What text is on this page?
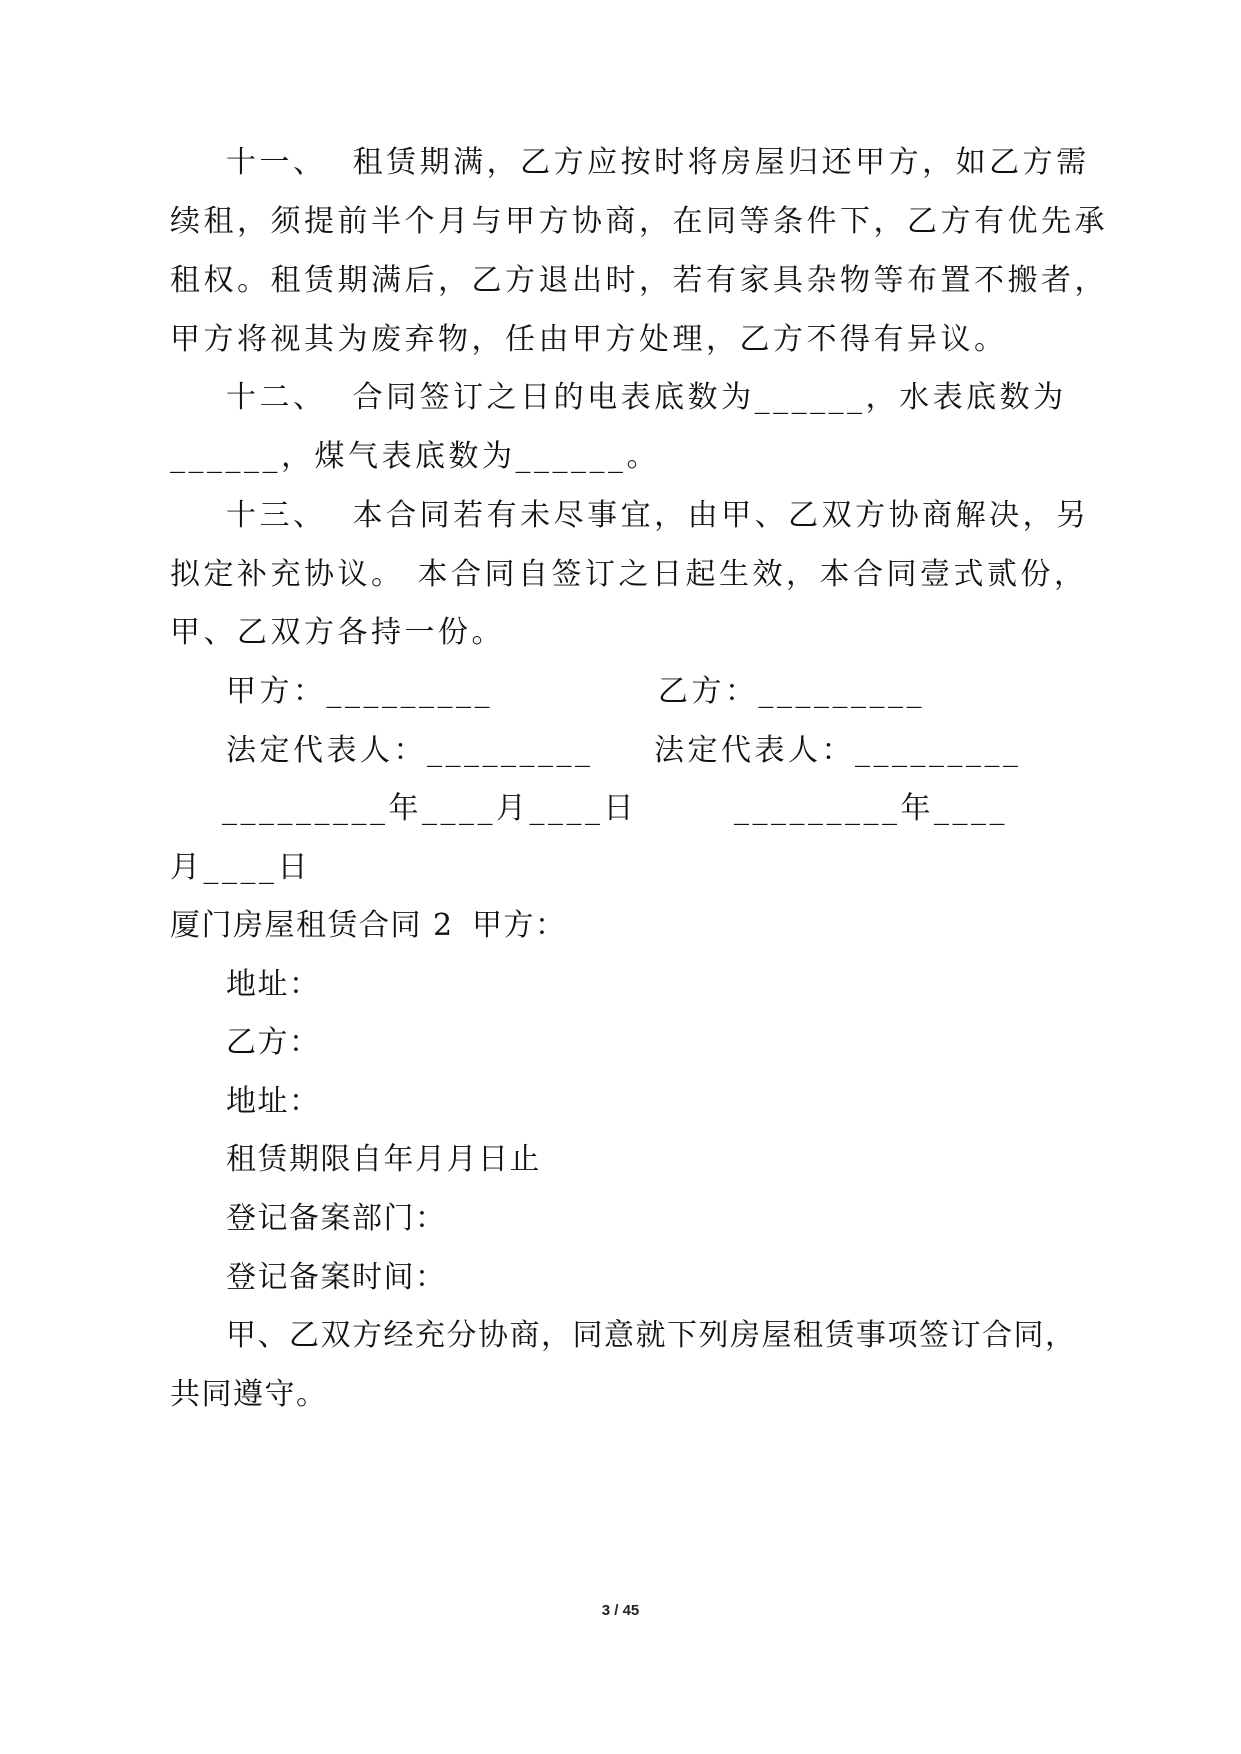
十一、  租赁期满，乙方应按时将房屋归还甲方，如乙方需
续租，须提前半个月与甲方协商，在同等条件下，乙方有优先承
租权。租赁期满后，乙方退出时，若有家具杂物等布置不搬者，
甲方将视其为废弃物，任由甲方处理，乙方不得有异议。
十二、  合同签订之日的电表底数为______，水表底数为
______，煤气表底数为______。
十三、  本合同若有未尽事宜，由甲、乙双方协商解决，另
拟定补充协议。 本合同自签订之日起生效，本合同壹式贰份，
甲、乙双方各持一份。
甲方：_________	乙方：_________
法定代表人：_________ 法定代表人：_________
_________年____月____日	_________年____
月____日
厦门房屋租赁合同 2 甲方：
地址：
乙方：
地址：
租赁期限自年月月日止
登记备案部门：
登记备案时间：
甲、乙双方经充分协商，同意就下列房屋租赁事项签订合同，
共同遵守。
3 / 45
